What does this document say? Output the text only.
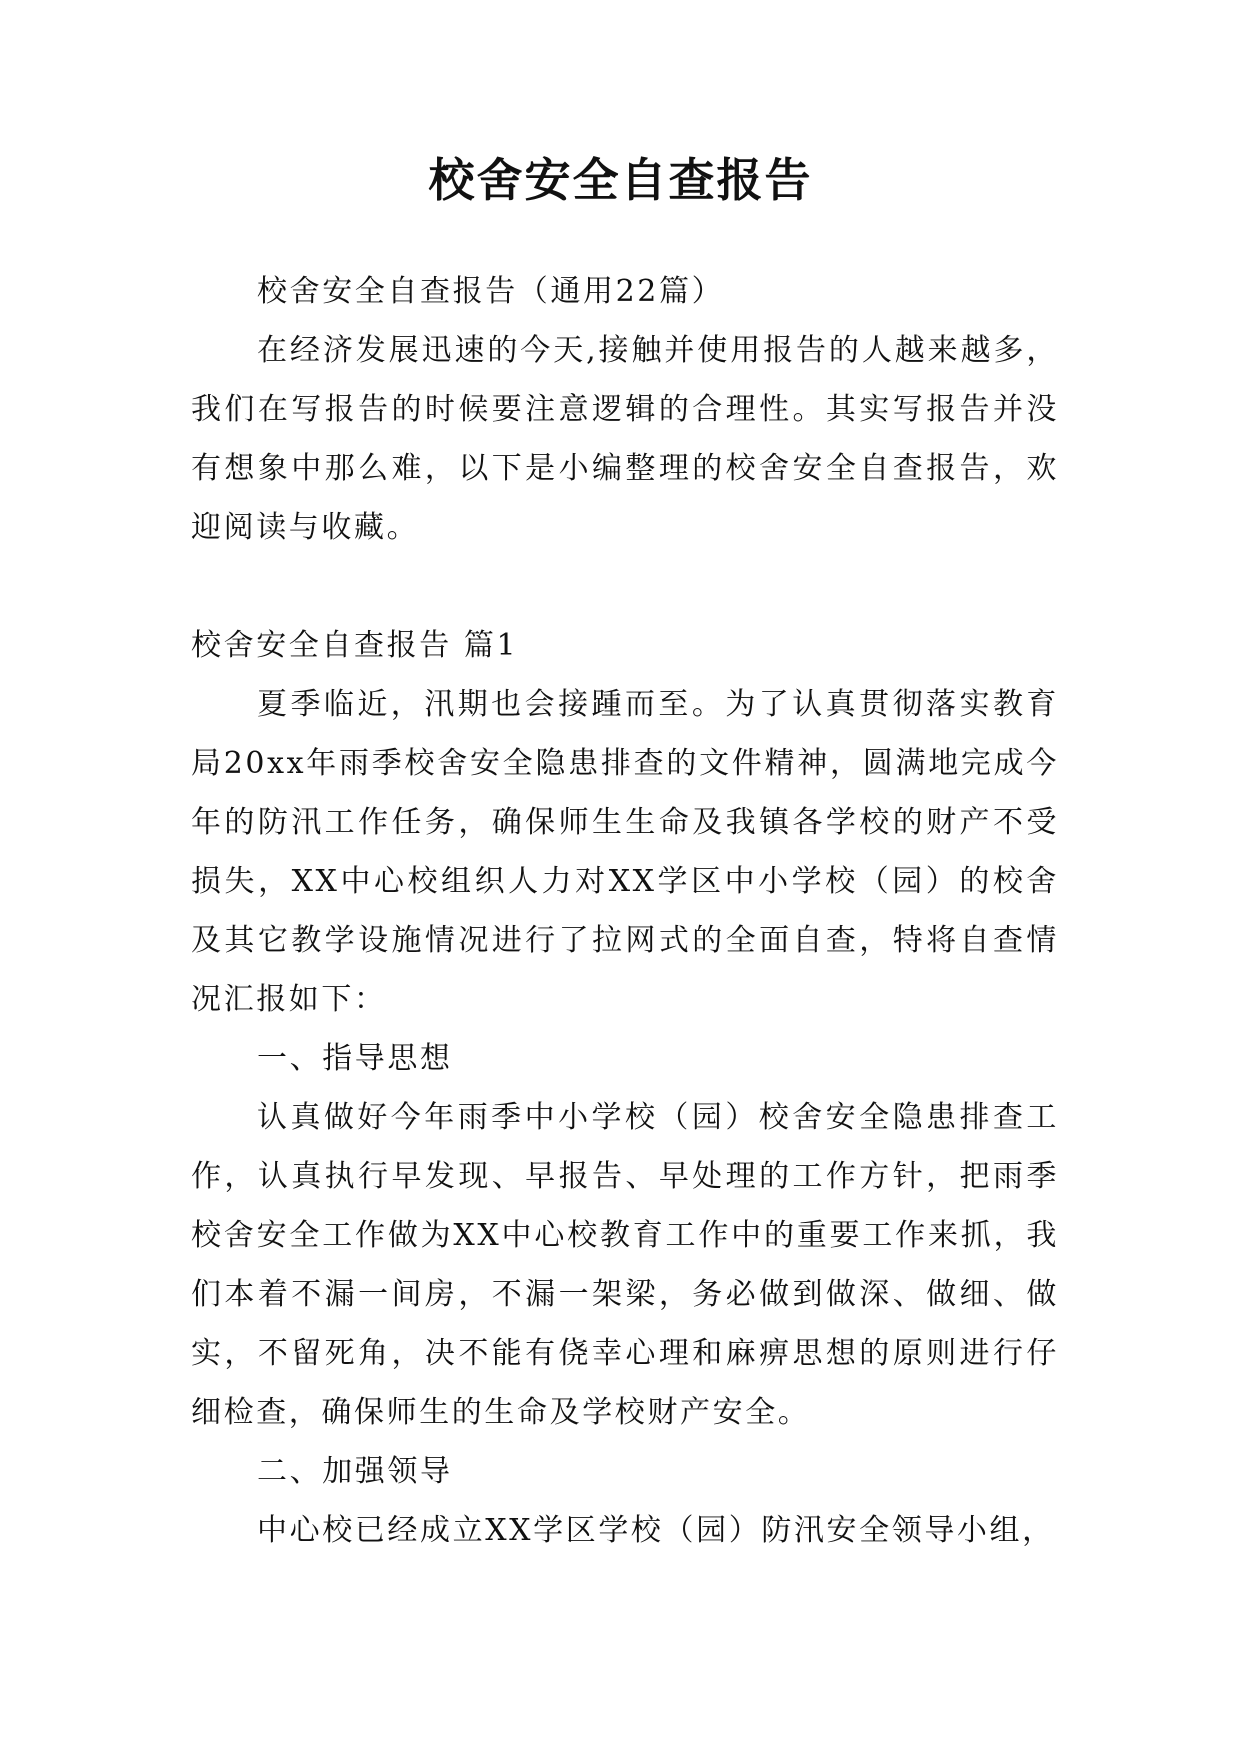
校舍安全自查报告

校舍安全自查报告（通用22篇）

在经济发展迅速的今天,接触并使用报告的人越来越多，我们在写报告的时候要注意逻辑的合理性。其实写报告并没有想象中那么难，以下是小编整理的校舍安全自查报告，欢迎阅读与收藏。

校舍安全自查报告 篇1

夏季临近，汛期也会接踵而至。为了认真贯彻落实教育局20xx年雨季校舍安全隐患排查的文件精神，圆满地完成今年的防汛工作任务，确保师生生命及我镇各学校的财产不受损失，XX中心校组织人力对XX学区中小学校（园）的校舍及其它教学设施情况进行了拉网式的全面自查，特将自查情况汇报如下：

一、指导思想

认真做好今年雨季中小学校（园）校舍安全隐患排查工作，认真执行早发现、早报告、早处理的工作方针，把雨季校舍安全工作做为XX中心校教育工作中的重要工作来抓，我们本着不漏一间房，不漏一架梁，务必做到做深、做细、做实，不留死角，决不能有侥幸心理和麻痹思想的原则进行仔细检查，确保师生的生命及学校财产安全。

二、加强领导

中心校已经成立XX学区学校（园）防汛安全领导小组，
